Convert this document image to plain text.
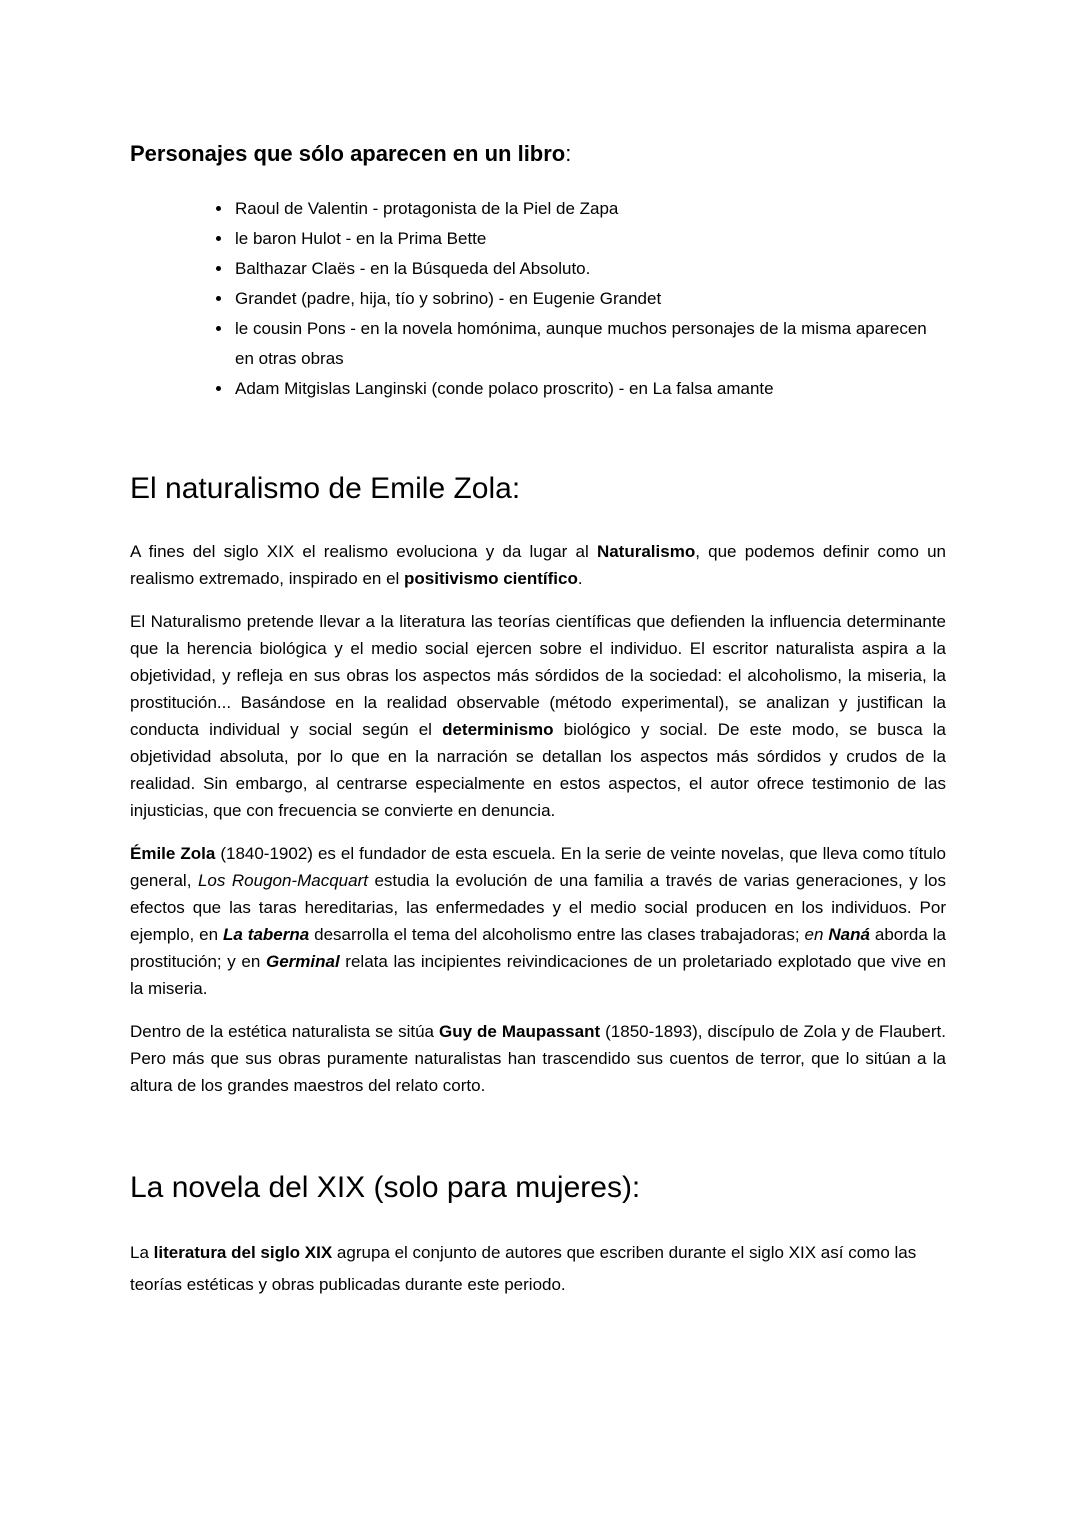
Personajes que sólo aparecen en un libro:
• Raoul de Valentin - protagonista de la Piel de Zapa
• le baron Hulot - en la Prima Bette
• Balthazar Claës - en la Búsqueda del Absoluto.
• Grandet (padre, hija, tío y sobrino) - en Eugenie Grandet
• le cousin Pons - en la novela homónima, aunque muchos personajes de la misma aparecen en otras obras
• Adam Mitgislas Langinski (conde polaco proscrito) - en La falsa amante
El naturalismo de Emile Zola:

A fines del siglo XIX el realismo evoluciona y da lugar al Naturalismo, que podemos definir como un realismo extremado, inspirado en el positivismo científico.

El Naturalismo pretende llevar a la literatura las teorías científicas que defienden la influencia determinante que la herencia biológica y el medio social ejercen sobre el individuo. El escritor naturalista aspira a la objetividad, y refleja en sus obras los aspectos más sórdidos de la sociedad: el alcoholismo, la miseria, la prostitución... Basándose en la realidad observable (método experimental), se analizan y justifican la conducta individual y social según el determinismo biológico y social. De este modo, se busca la objetividad absoluta, por lo que en la narración se detallan los aspectos más sórdidos y crudos de la realidad. Sin embargo, al centrarse especialmente en estos aspectos, el autor ofrece testimonio de las injusticias, que con frecuencia se convierte en denuncia.

Émile Zola (1840-1902) es el fundador de esta escuela. En la serie de veinte novelas, que lleva como título general, Los Rougon-Macquart estudia la evolución de una familia a través de varias generaciones, y los efectos que las taras hereditarias, las enfermedades y el medio social producen en los individuos. Por ejemplo, en La taberna desarrolla el tema del alcoholismo entre las clases trabajadoras; en Naná aborda la prostitución; y en Germinal relata las incipientes reivindicaciones de un proletariado explotado que vive en la miseria.

Dentro de la estética naturalista se sitúa Guy de Maupassant (1850-1893), discípulo de Zola y de Flaubert. Pero más que sus obras puramente naturalistas han trascendido sus cuentos de terror, que lo sitúan a la altura de los grandes maestros del relato corto.

La novela del XIX (solo para mujeres):

La literatura del siglo XIX agrupa el conjunto de autores que escriben durante el siglo XIX así como las teorías estéticas y obras publicadas durante este periodo.
